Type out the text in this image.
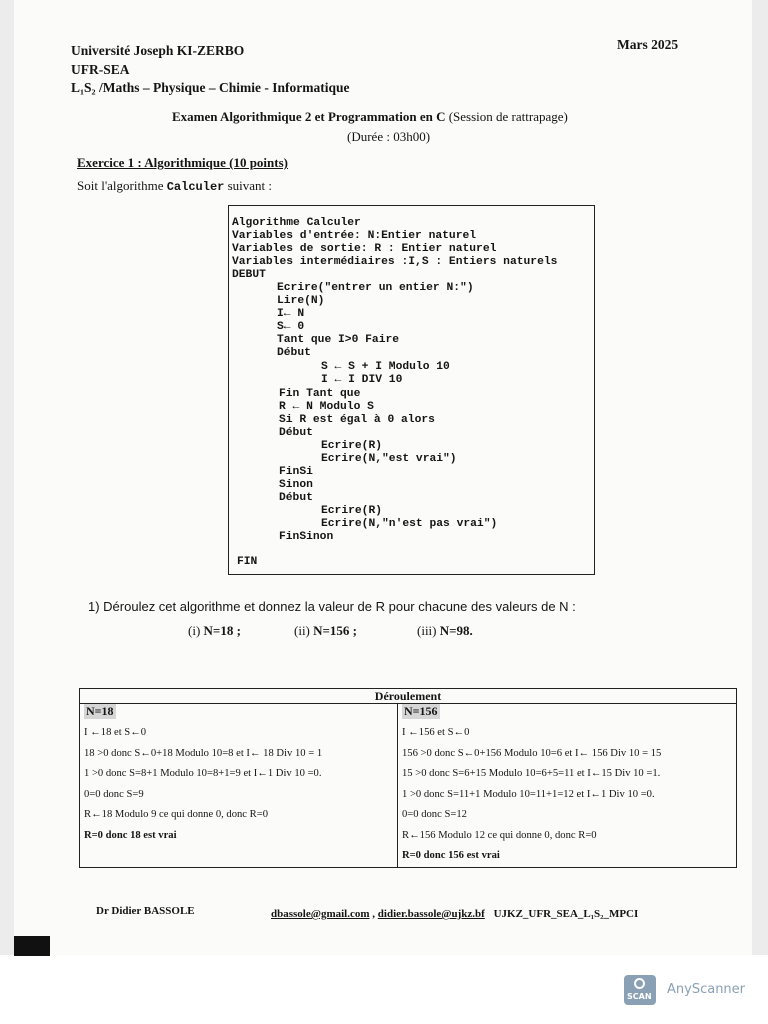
Université Joseph KI-ZERBO
UFR-SEA
L₁S₂ /Maths – Physique – Chimie - Informatique
Mars 2025
Examen Algorithmique 2 et Programmation en C (Session de rattrapage)
(Durée : 03h00)
Exercice 1 : Algorithmique (10 points)
Soit l'algorithme Calculer suivant :
Algorithme Calculer
Variables d'entrée: N:Entier naturel
Variables de sortie: R : Entier naturel
Variables intermédiaires :I,S : Entiers naturels
DEBUT
Ecrire("entrer un entier N:")
Lire(N)
I← N
S← 0
Tant que I>0 Faire
Début
S ← S + I Modulo 10
I ← I DIV 10
Fin Tant que
R ← N Modulo S
Si R est égal à 0 alors
Début
Ecrire(R)
Ecrire(N,"est vrai")
FinSi
Sinon
Début
Ecrire(R)
Ecrire(N,"n'est pas vrai")
FinSinon
FIN
1) Déroulez cet algorithme et donnez la valeur de R pour chacune des valeurs de N :
(i) N=18 ;	(ii) N=156 ;	(iii) N=98.
Déroulement
N=18
I ←18 et S←0
18 >0 donc S←0+18 Modulo 10=8 et I← 18 Div 10 = 1
1 >0 donc S=8+1 Modulo 10=8+1=9 et I←1 Div 10 =0.
0=0 donc S=9
R←18 Modulo 9 ce qui donne 0, donc R=0
R=0 donc 18 est vrai
	N=156
I ←156 et S←0
156 >0 donc S←0+156 Modulo 10=6 et I← 156 Div 10 = 15
15 >0 donc S=6+15 Modulo 10=6+5=11 et I←15 Div 10 =1.
1 >0 donc S=11+1 Modulo 10=11+1=12 et I←1 Div 10 =0.
0=0 donc S=12
R←156 Modulo 12 ce qui donne 0, donc R=0
R=0 donc 156 est vrai
Dr Didier BASSOLE	dbassole@gmail.com , didier.bassole@ujkz.bf UJKZ_UFR_SEA_L₁S₂_MPCI
SCAN AnyScanner
